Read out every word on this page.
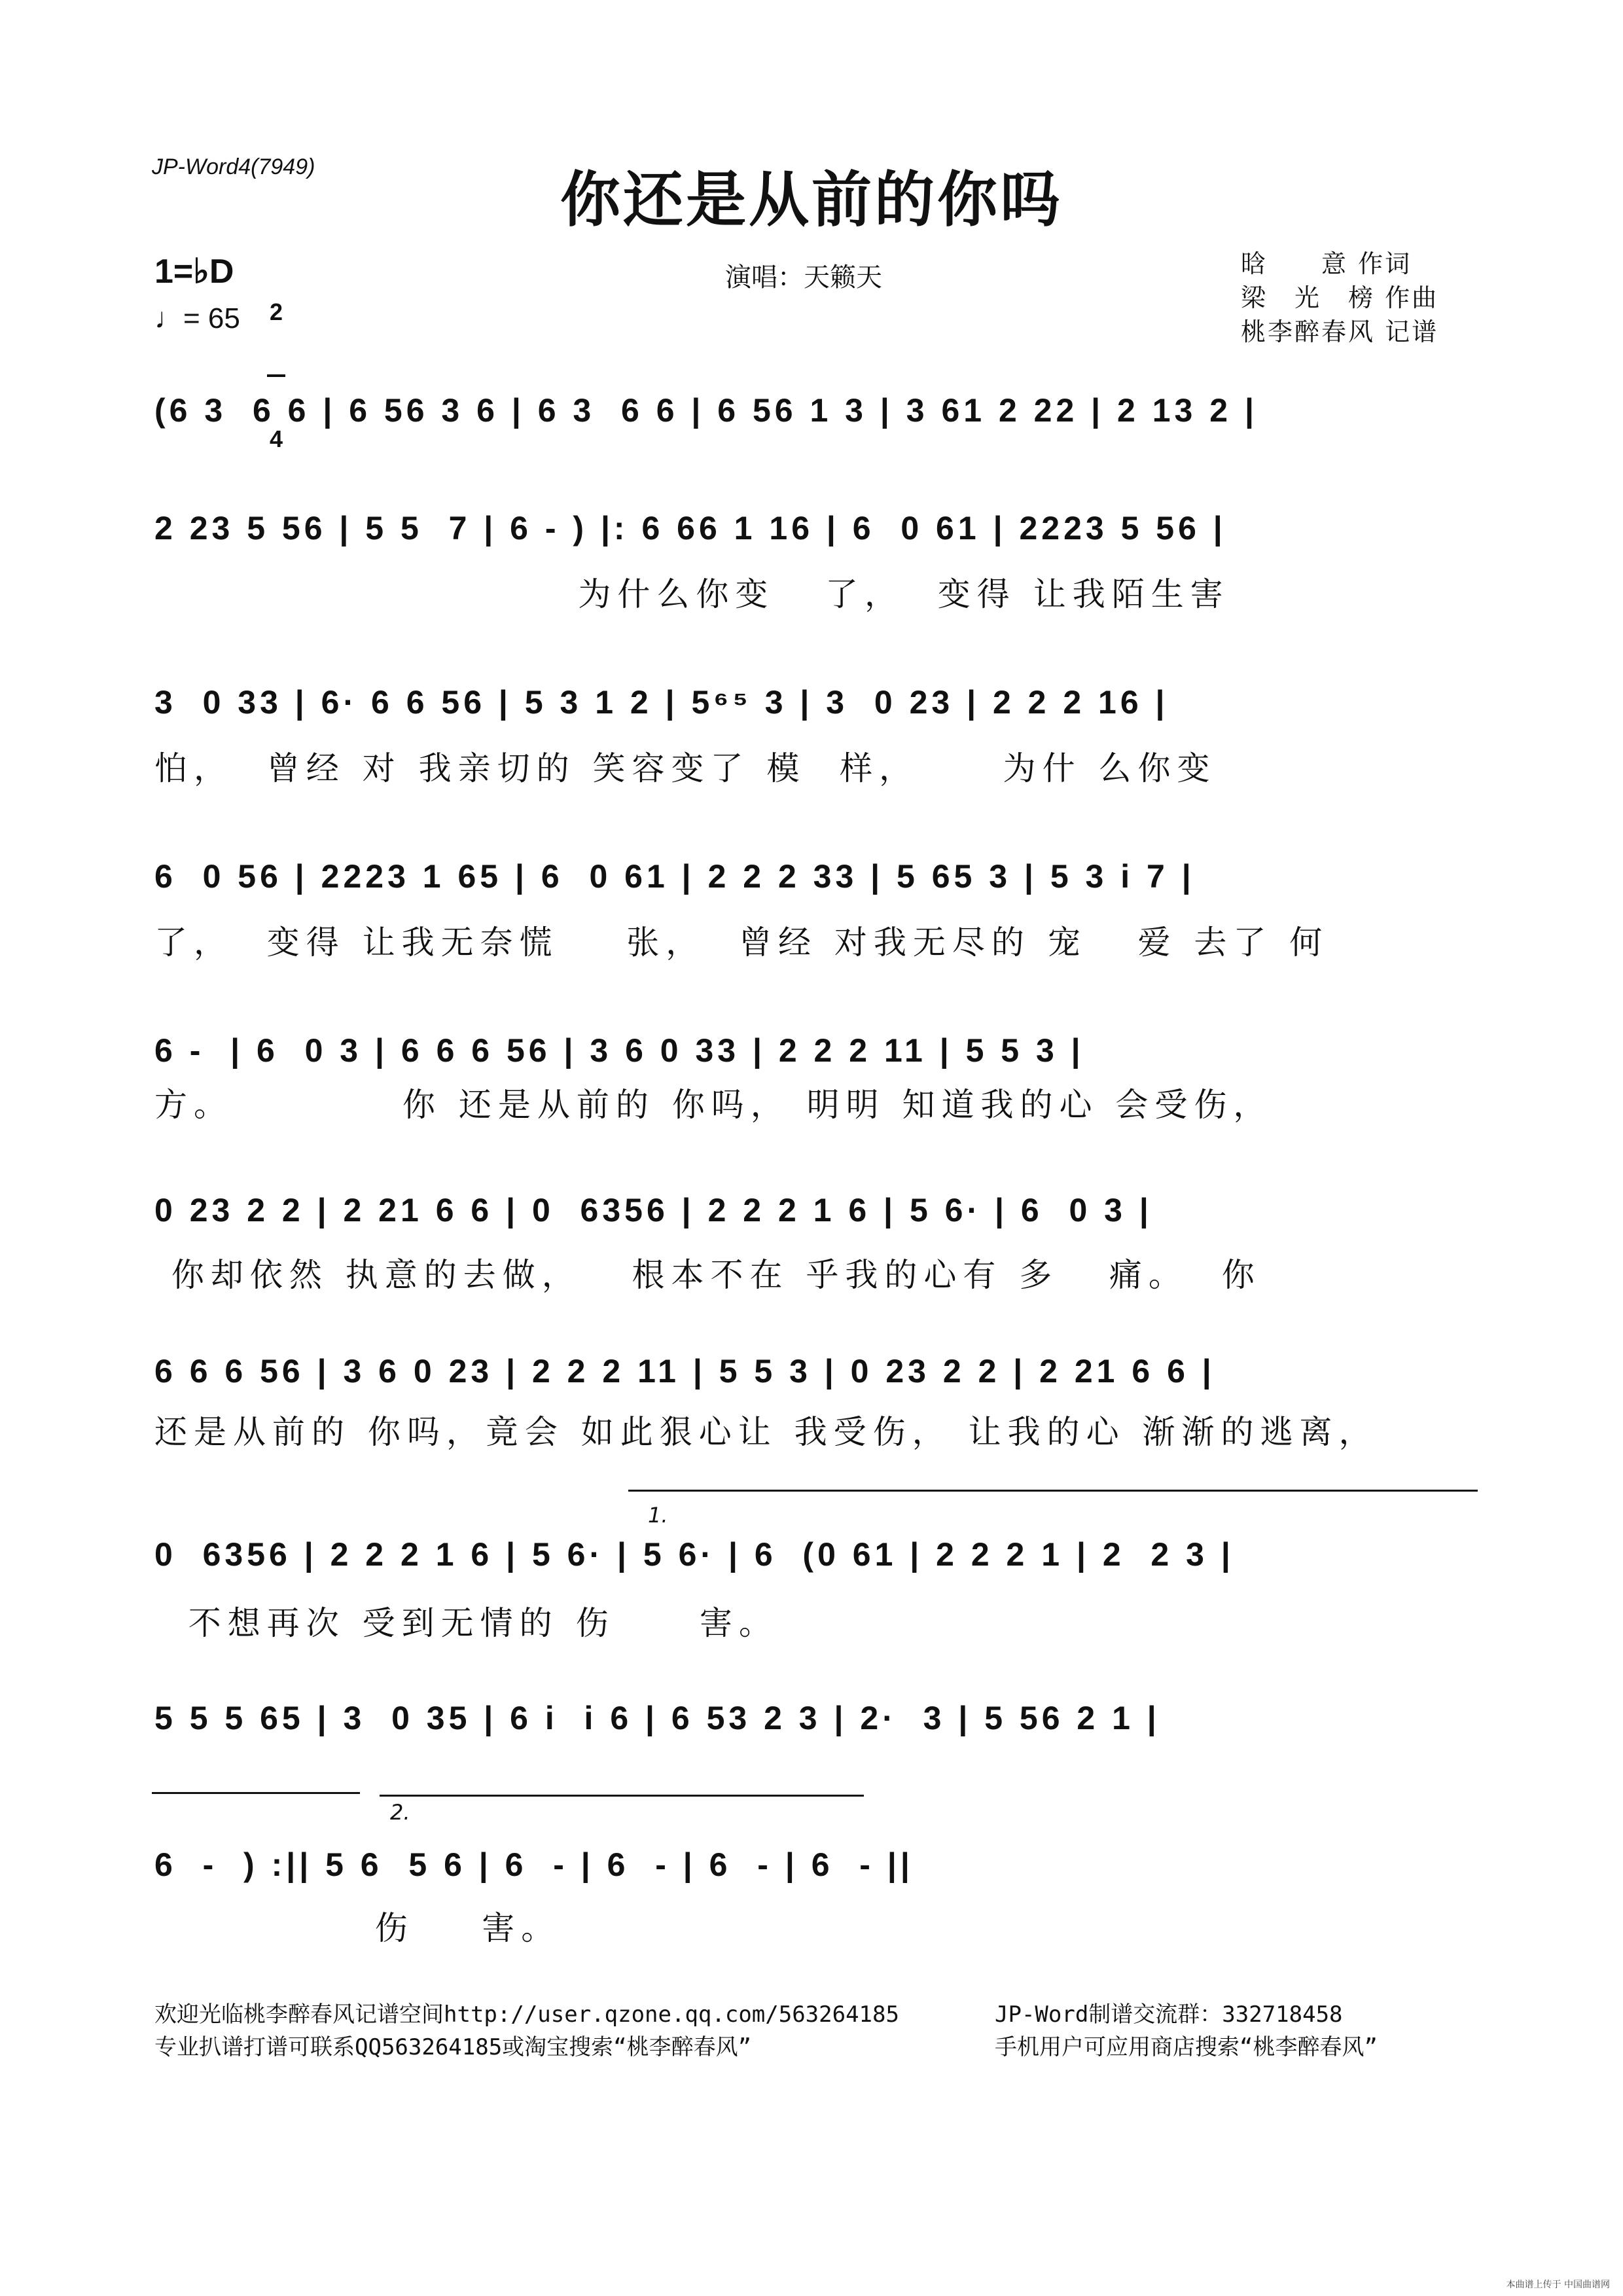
JP-Word4(7949)	你还是从前的你吗
1=♭D

2

4

♩= 65
演唱：天籁天	晗　　意 作词
梁　光　榜 作曲
桃李醉春风 记谱
(6 3  6 6 | 6 56 3 6 | 6 3  6 6 | 6 56 1 3 | 3 61 2 22 | 2 13 2 |
2 23 5 56 | 5 5  7 | 6 - ) |: 6 66 1 16 | 6  0 61 | 2223 5 56 |
为什么你变   了，  变得 让我陌生害
3  0 33 | 6· 6 6 56 | 5 3 1 2 | 5⁶⁵ 3 | 3  0 23 | 2 2 2 16 |
怕，  曾经 对 我亲切的 笑容变了 模  样，     为什 么你变
6  0 56 | 2223 1 65 | 6  0 61 | 2 2 2 33 | 5 65 3 | 5 3 i 7 |
了，  变得 让我无奈慌    张，  曾经 对我无尽的 宠   爱 去了 何
6 -  | 6  0 3 | 6 6 6 56 | 3 6 0 33 | 2 2 2 11 | 5 5 3 |
方。          你 还是从前的 你吗， 明明 知道我的心 会受伤，
0 23 2 2 | 2 21 6 6 | 0  6356 | 2 2 2 1 6 | 5 6· | 6  0 3 |
你却依然 执意的去做，   根本不在 乎我的心有 多   痛。  你
6 6 6 56 | 3 6 0 23 | 2 2 2 11 | 5 5 3 | 0 23 2 2 | 2 21 6 6 |
还是从前的 你吗，竟会 如此狠心让 我受伤， 让我的心 渐渐的逃离，
1.
0  6356 | 2 2 2 1 6 | 5 6· | 5 6· | 6  (0 61 | 2 2 2 1 | 2  2 3 |
不想再次 受到无情的 伤     害。
5 5 5 65 | 3  0 35 | 6 i  i 6 | 6 53 2 3 | 2·  3 | 5 56 2 1 |
2.
6  -  ) :|| 5 6  5 6 | 6  - | 6  - | 6  - | 6  - ||
伤    害。
欢迎光临桃李醉春风记谱空间http://user.qzone.qq.com/563264185	JP-Word制谱交流群：332718458
专业扒谱打谱可联系QQ563264185或淘宝搜索“桃李醉春风”	手机用户可应用商店搜索“桃李醉春风”
本曲谱上传于 中国曲谱网
